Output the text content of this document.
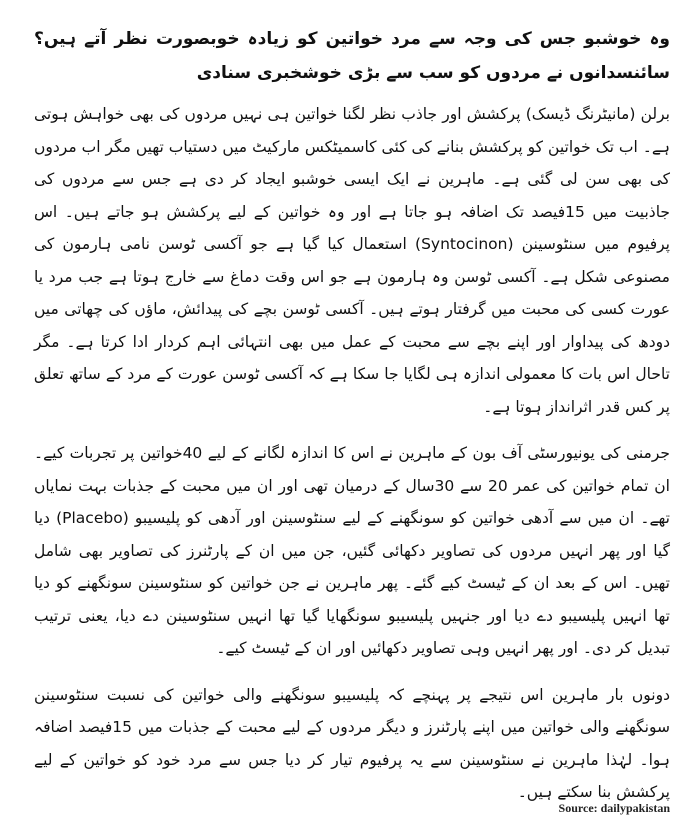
وہ خوشبو جس کی وجہ سے مرد خواتین کو زیادہ خوبصورت نظر آتے ہیں؟ سائنسدانوں نے مردوں کو سب سے بڑی خوشخبری سنادی

برلن (مانیٹرنگ ڈیسک) پرکشش اور جاذب نظر لگنا خواتین ہی نہیں مردوں کی بھی خواہش ہوتی ہے۔ اب تک خواتین کو پرکشش بنانے کی کئی کاسمیٹکس مارکیٹ میں دستیاب تھیں مگر اب مردوں کی بھی سن لی گئی ہے۔ ماہرین نے ایک ایسی خوشبو ایجاد کر دی ہے جس سے مردوں کی جاذبیت میں 15فیصد تک اضافہ ہو جاتا ہے اور وہ خواتین کے لیے پرکشش ہو جاتے ہیں۔ اس پرفیوم میں سنٹوسینن (Syntocinon) استعمال کیا گیا ہے جو آکسی ٹوسن نامی ہارمون کی مصنوعی شکل ہے۔ آکسی ٹوسن وہ ہارمون ہے جو اس وقت دماغ سے خارج ہوتا ہے جب مرد یا عورت کسی کی محبت میں گرفتار ہوتے ہیں۔ آکسی ٹوسن بچے کی پیدائش، ماؤں کی چھاتی میں دودھ کی پیداوار اور اپنے بچے سے محبت کے عمل میں بھی انتہائی اہم کردار ادا کرتا ہے۔ مگر تاحال اس بات کا معمولی اندازہ ہی لگایا جا سکا ہے کہ آکسی ٹوسن عورت کے مرد کے ساتھ تعلق پر کس قدر اثرانداز ہوتا ہے۔

جرمنی کی یونیورسٹی آف بون کے ماہرین نے اس کا اندازہ لگانے کے لیے 40خواتین پر تجربات کیے۔ ان تمام خواتین کی عمر 20 سے 30سال کے درمیان تھی اور ان میں محبت کے جذبات بہت نمایاں تھے۔ ان میں سے آدھی خواتین کو سونگھنے کے لیے سنٹوسینن اور آدھی کو پلیسیبو (Placebo) دیا گیا اور پھر انہیں مردوں کی تصاویر دکھائی گئیں، جن میں ان کے پارٹنرز کی تصاویر بھی شامل تھیں۔ اس کے بعد ان کے ٹیسٹ کیے گئے۔ پھر ماہرین نے جن خواتین کو سنٹوسینن سونگھنے کو دیا تھا انہیں پلیسیبو دے دیا اور جنہیں پلیسیبو سونگھایا گیا تھا انہیں سنٹوسینن دے دیا، یعنی ترتیب تبدیل کر دی۔ اور پھر انہیں وہی تصاویر دکھائیں اور ان کے ٹیسٹ کیے۔

دونوں بار ماہرین اس نتیجے پر پہنچے کہ پلیسیبو سونگھنے والی خواتین کی نسبت سنٹوسینن سونگھنے والی خواتین میں اپنے پارٹنرز و دیگر مردوں کے لیے محبت کے جذبات میں 15فیصد اضافہ ہوا۔ لہٰذا ماہرین نے سنٹوسینن سے یہ پرفیوم تیار کر دیا جس سے مرد خود کو خواتین کے لیے پرکشش بنا سکتے ہیں۔

Source: dailypakistan
